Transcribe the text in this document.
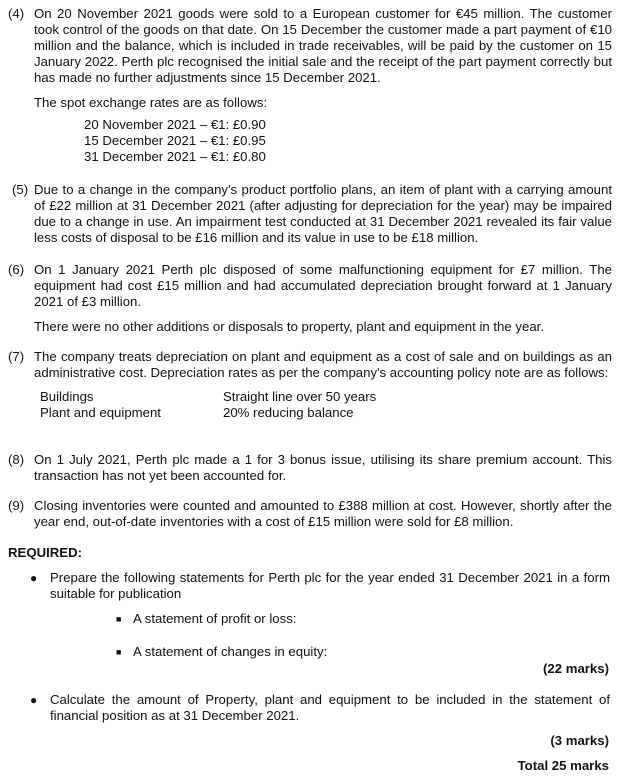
(4) On 20 November 2021 goods were sold to a European customer for €45 million. The customer took control of the goods on that date. On 15 December the customer made a part payment of €10 million and the balance, which is included in trade receivables, will be paid by the customer on 15 January 2022. Perth plc recognised the initial sale and the receipt of the part payment correctly but has made no further adjustments since 15 December 2021.

The spot exchange rates are as follows:

20 November 2021 – €1: £0.90
15 December 2021 – €1: £0.95
31 December 2021 – €1: £0.80
(5) Due to a change in the company's product portfolio plans, an item of plant with a carrying amount of £22 million at 31 December 2021 (after adjusting for depreciation for the year) may be impaired due to a change in use. An impairment test conducted at 31 December 2021 revealed its fair value less costs of disposal to be £16 million and its value in use to be £18 million.

(6) On 1 January 2021 Perth plc disposed of some malfunctioning equipment for £7 million. The equipment had cost £15 million and had accumulated depreciation brought forward at 1 January 2021 of £3 million.

There were no other additions or disposals to property, plant and equipment in the year.

(7) The company treats depreciation on plant and equipment as a cost of sale and on buildings as an administrative cost. Depreciation rates as per the company's accounting policy note are as follows:

Buildings	Straight line over 50 years
Plant and equipment	20% reducing balance
(8) On 1 July 2021, Perth plc made a 1 for 3 bonus issue, utilising its share premium account. This transaction has not yet been accounted for.

(9) Closing inventories were counted and amounted to £388 million at cost. However, shortly after the year end, out-of-date inventories with a cost of £15 million were sold for £8 million.

REQUIRED:
● Prepare the following statements for Perth plc for the year ended 31 December 2021 in a form suitable for publication
■ A statement of profit or loss:
■ A statement of changes in equity:
(22 marks)
● Calculate the amount of Property, plant and equipment to be included in the statement of financial position as at 31 December 2021.
(3 marks)
Total 25 marks
